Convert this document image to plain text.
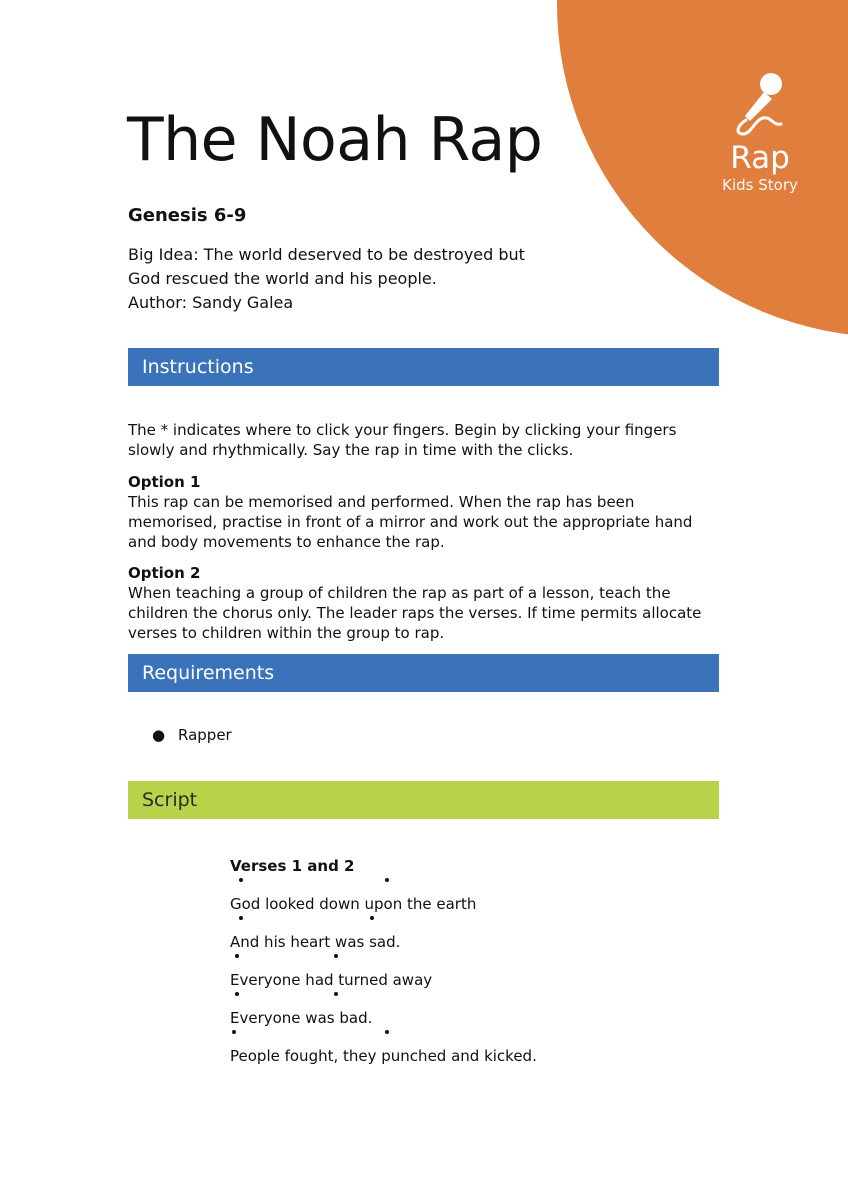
Rap
Kids Story
The Noah Rap
Genesis 6-9
Big Idea: The world deserved to be destroyed but
God rescued the world and his people.
Author: Sandy Galea
Instructions

The * indicates where to click your fingers. Begin by clicking your fingers slowly and rhythmically. Say the rap in time with the clicks.

Option 1

This rap can be memorised and performed. When the rap has been memorised, practise in front of a mirror and work out the appropriate hand and body movements to enhance the rap.

Option 2

When teaching a group of children the rap as part of a lesson, teach the children the chorus only. The leader raps the verses. If time permits allocate verses to children within the group to rap.

Requirements
● Rapper
Script
Verses 1 and 2
God looked down upon the earth
And his heart was sad.
Everyone had turned away
Everyone was bad.
People fought, they punched and kicked.
